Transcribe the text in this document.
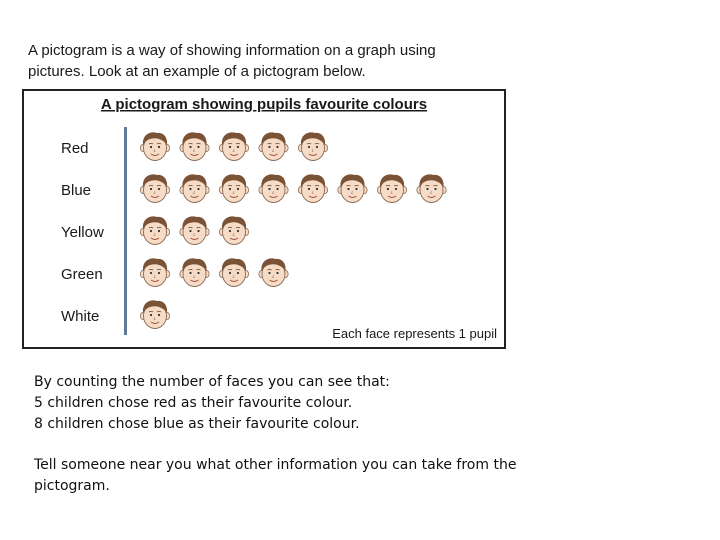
A pictogram is a way of showing information on a graph using
pictures. Look at an example of a pictogram below.
A pictogram showing pupils favourite colours
Red
Blue
Yellow
Green
White
Each face represents 1 pupil
By counting the number of faces you can see that:
5 children chose red as their favourite colour.
8 children chose blue as their favourite colour.
Tell someone near you what other information you can take from the
pictogram.
